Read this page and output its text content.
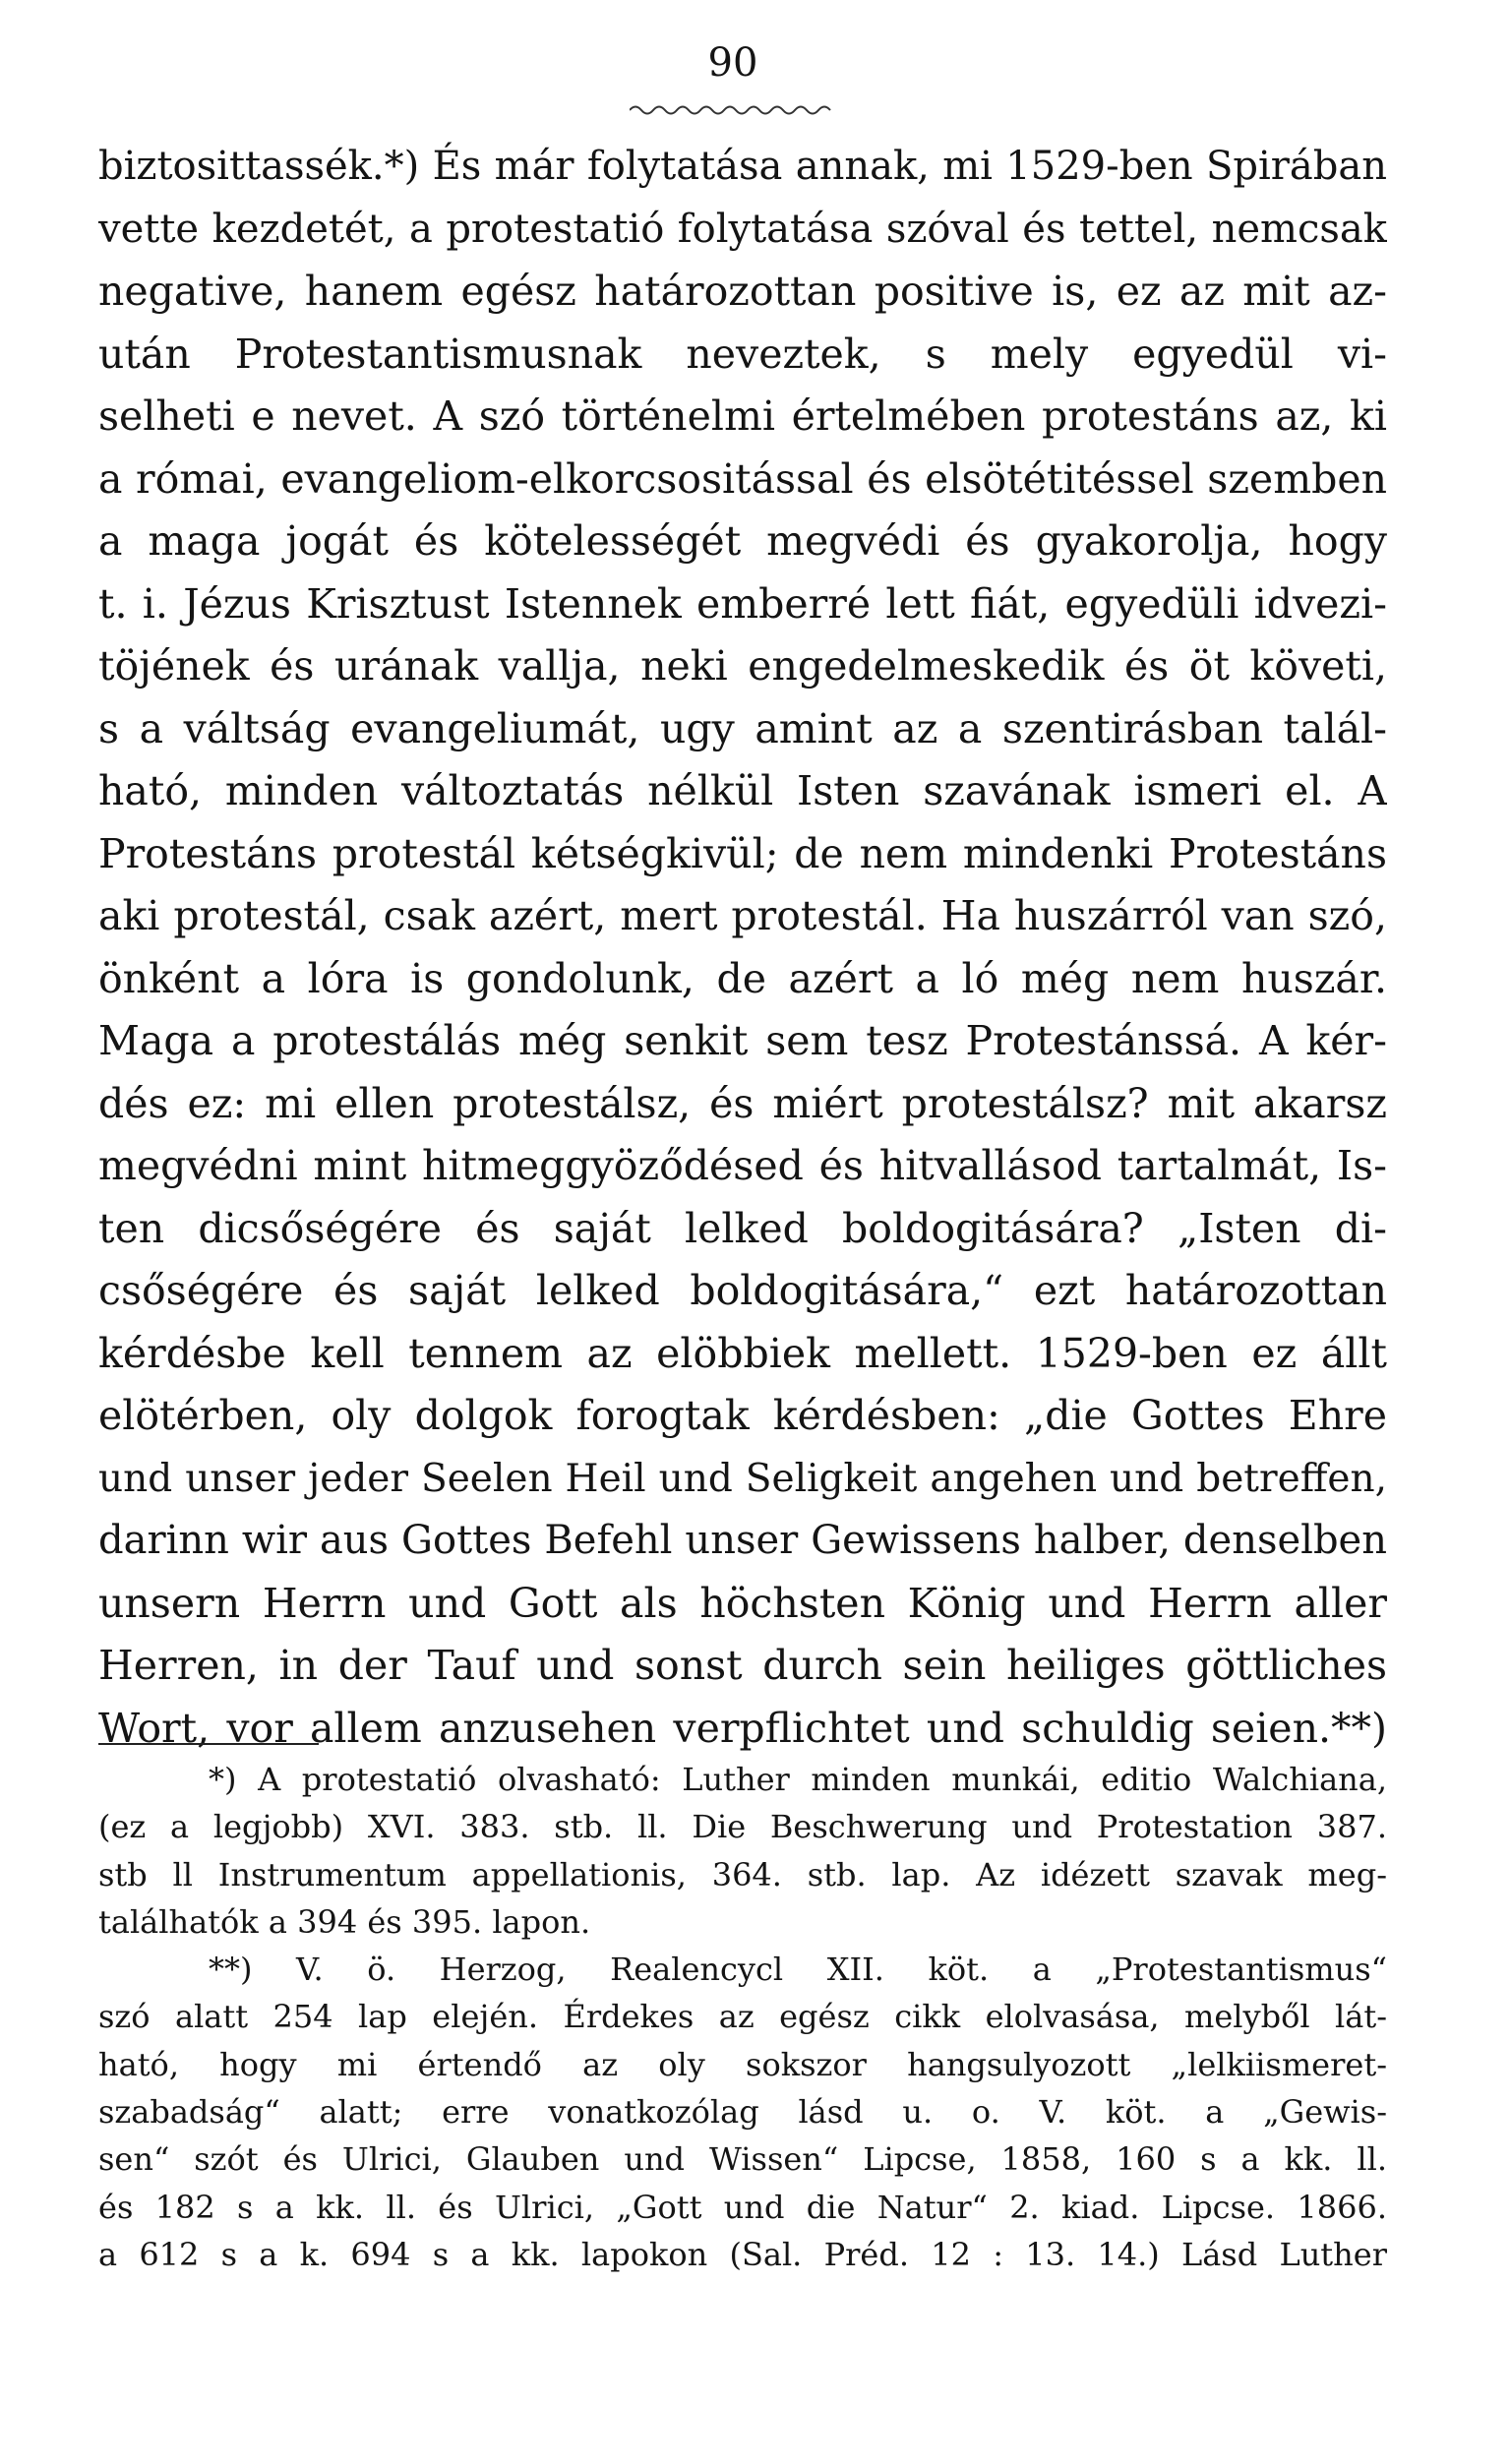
90
biztosittassék.*) És már folytatása annak, mi 1529-ben Spirában
vette kezdetét, a protestatió folytatása szóval és tettel, nemcsak
negative, hanem egész határozottan positive is, ez az mit az-
után Protestantismusnak neveztek, s mely egyedül vi-
selheti e nevet. A szó történelmi értelmében protestáns az, ki
a római, evangeliom-elkorcsositással és elsötétitéssel szemben
a maga jogát és kötelességét megvédi és gyakorolja, hogy
t. i. Jézus Krisztust Istennek emberré lett fiát, egyedüli idvezi-
töjének és urának vallja, neki engedelmeskedik és öt követi,
s a váltság evangeliumát, ugy amint az a szentirásban talál-
ható, minden változtatás nélkül Isten szavának ismeri el. A
Protestáns protestál kétségkivül; de nem mindenki Protestáns
aki protestál, csak azért, mert protestál. Ha huszárról van szó,
önként a lóra is gondolunk, de azért a ló még nem huszár.
Maga a protestálás még senkit sem tesz Protestánssá. A kér-
dés ez: mi ellen protestálsz, és miért protestálsz? mit akarsz
megvédni mint hitmeggyöződésed és hitvallásod tartalmát, Is-
ten dicsőségére és saját lelked boldogitására? „Isten di-
csőségére és saját lelked boldogitására,“ ezt határozottan
kérdésbe kell tennem az elöbbiek mellett. 1529-ben ez állt
elötérben, oly dolgok forogtak kérdésben: „die Gottes Ehre
und unser jeder Seelen Heil und Seligkeit angehen und betreffen,
darinn wir aus Gottes Befehl unser Gewissens halber, denselben
unsern Herrn und Gott als höchsten König und Herrn aller
Herren, in der Tauf und sonst durch sein heiliges göttliches
Wort, vor allem anzusehen verpflichtet und schuldig seien.**)
*) A protestatió olvasható: Luther minden munkái, editio Walchiana,
(ez a legjobb) XVI. 383. stb. ll. Die Beschwerung und Protestation 387.
stb ll Instrumentum appellationis, 364. stb. lap. Az idézett szavak meg-
találhatók a 394 és 395. lapon.
**) V. ö. Herzog, Realencycl XII. köt. a „Protestantismus“
szó alatt 254 lap elején. Érdekes az egész cikk elolvasása, melyből lát-
ható, hogy mi értendő az oly sokszor hangsulyozott „lelkiismeret-
szabadság“ alatt; erre vonatkozólag lásd u. o. V. köt. a „Gewis-
sen“ szót és Ulrici, Glauben und Wissen“ Lipcse, 1858, 160 s a kk. ll.
és 182 s a kk. ll. és Ulrici, „Gott und die Natur“ 2. kiad. Lipcse. 1866.
a 612 s a k. 694 s a kk. lapokon (Sal. Préd. 12 : 13. 14.) Lásd Luther
